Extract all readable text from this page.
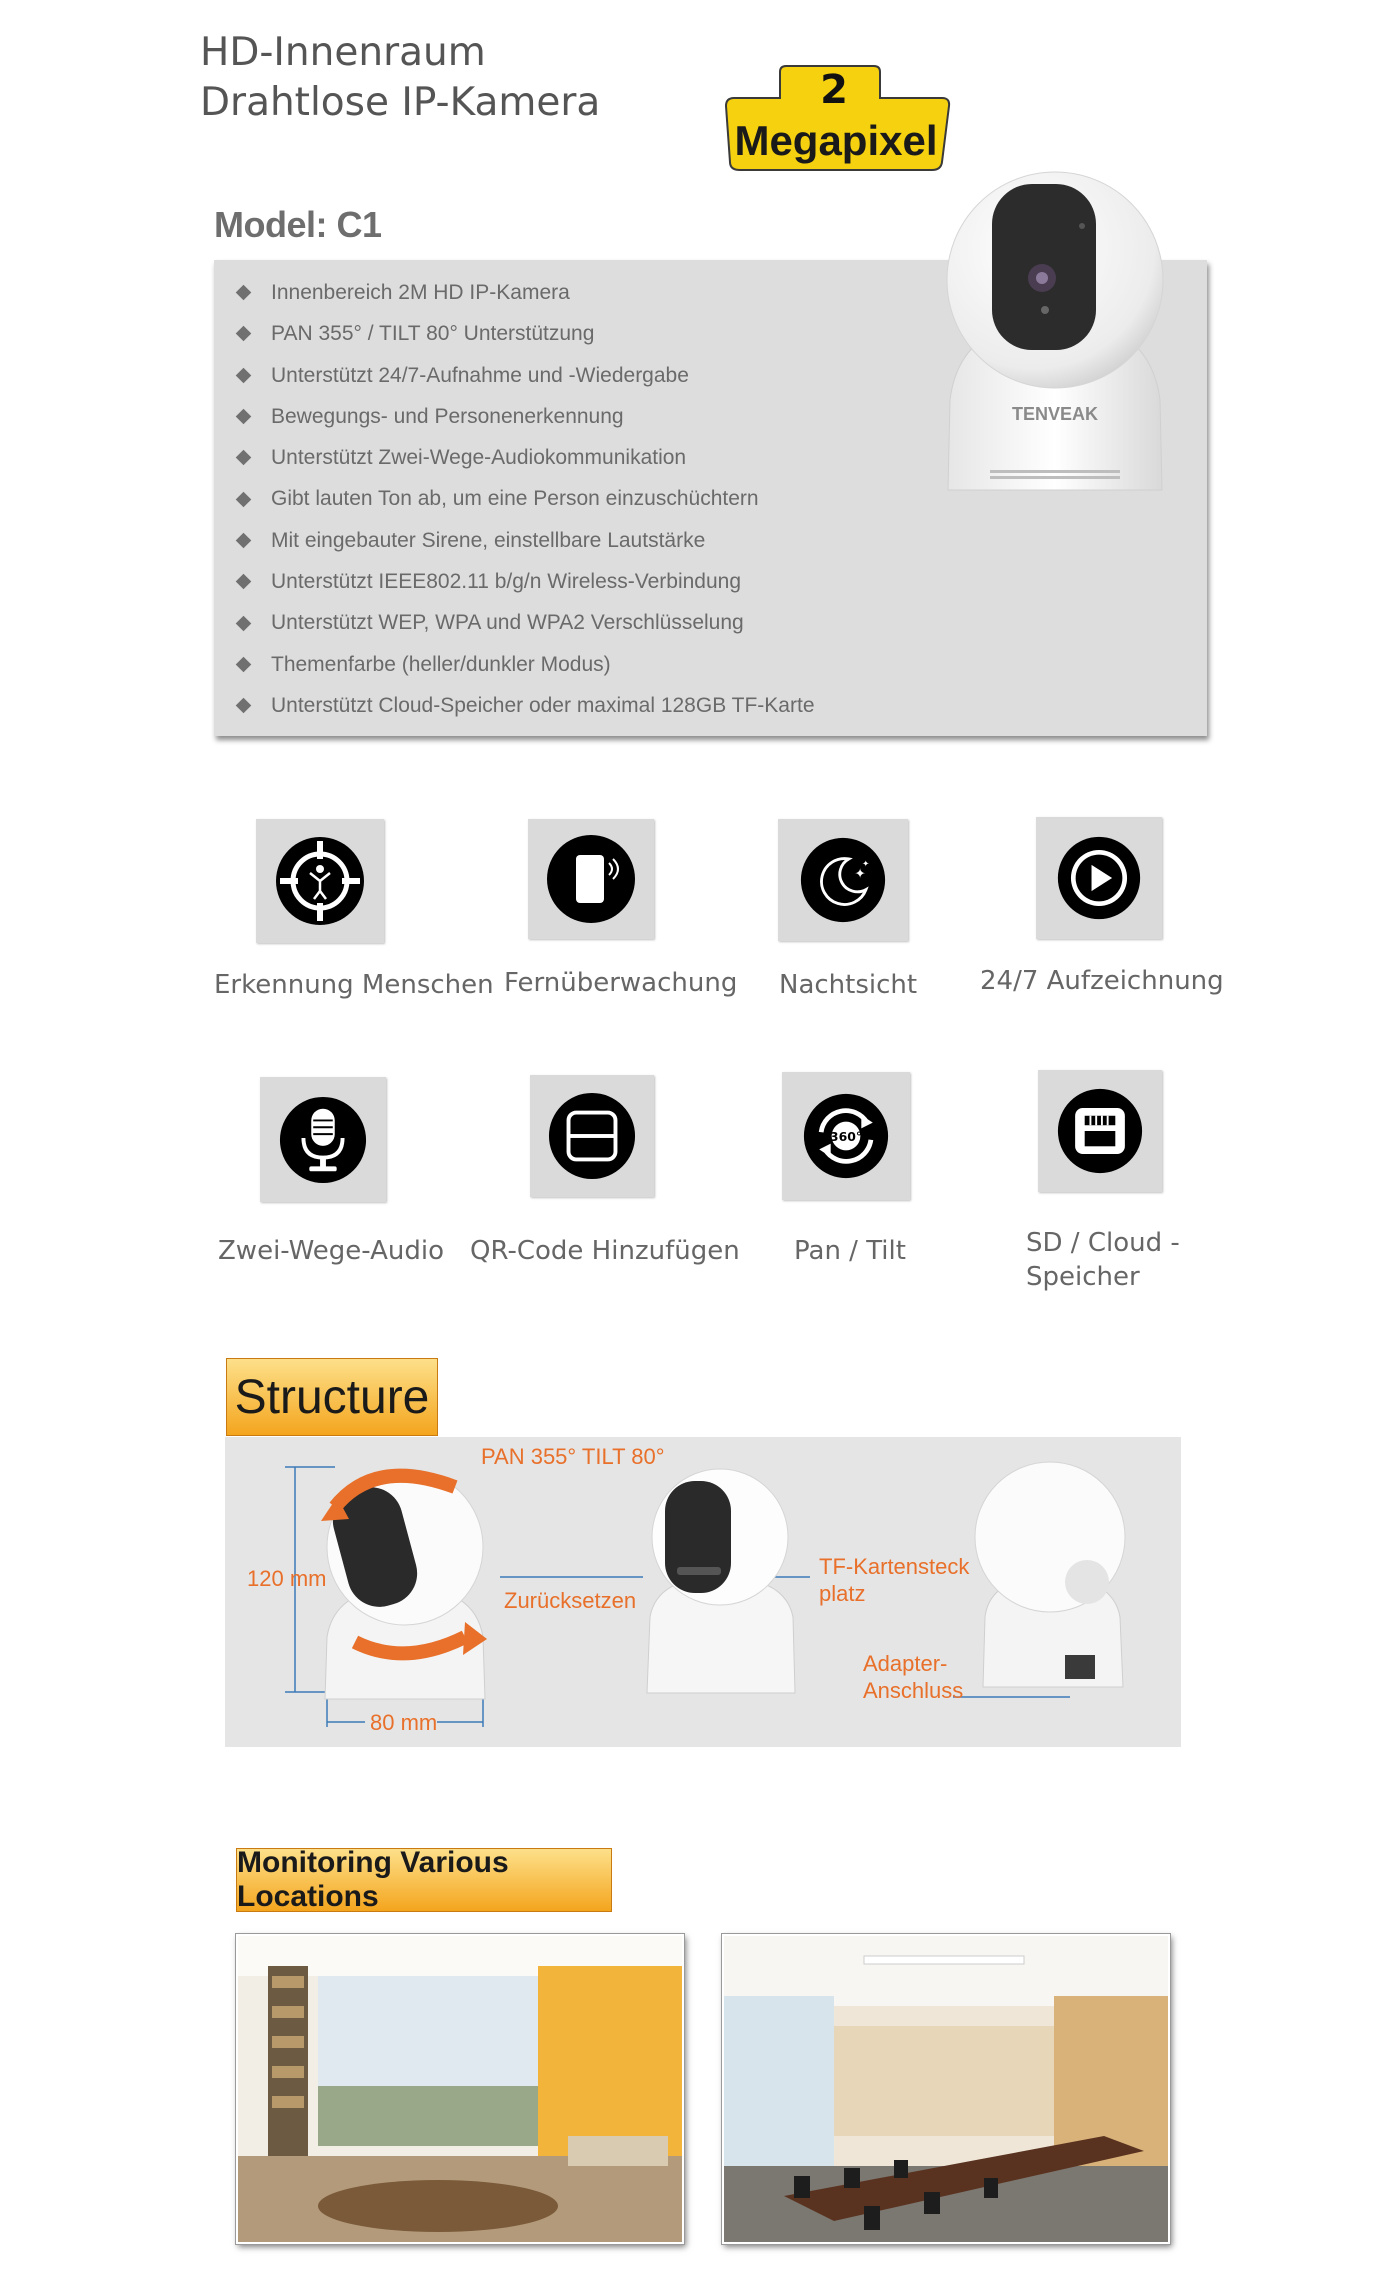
HD-Innenraum
Drahtlose IP-Kamera	2
Megapixel
Model: C1
Innenbereich 2M HD IP-Kamera
PAN 355° / TILT 80° Unterstützung
Unterstützt 24/7-Aufnahme und -Wiedergabe
Bewegungs- und Personenerkennung
Unterstützt Zwei-Wege-Audiokommunikation
Gibt lauten Ton ab, um eine Person einzuschüchtern
Mit eingebauter Sirene, einstellbare Lautstärke
Unterstützt IEEE802.11 b/g/n Wireless-Verbindung
Unterstützt WEP, WPA und WPA2 Verschlüsselung
Themenfarbe (heller/dunkler Modus)
Unterstützt Cloud-Speicher oder maximal 128GB TF-Karte
TENVEAK
✦
✦
Erkennung Menschen Fernüberwachung Nachtsicht 24/7 Aufzeichnung
360°
Zwei-Wege-Audio QR-Code Hinzufügen Pan / Tilt	SD / Cloud -
Speicher
Structure
PAN 355° TILT 80°
120 mm
80 mm
Zurücksetzen
TF-Kartensteck
platz
Adapter-
Anschluss
Monitoring Various Locations
